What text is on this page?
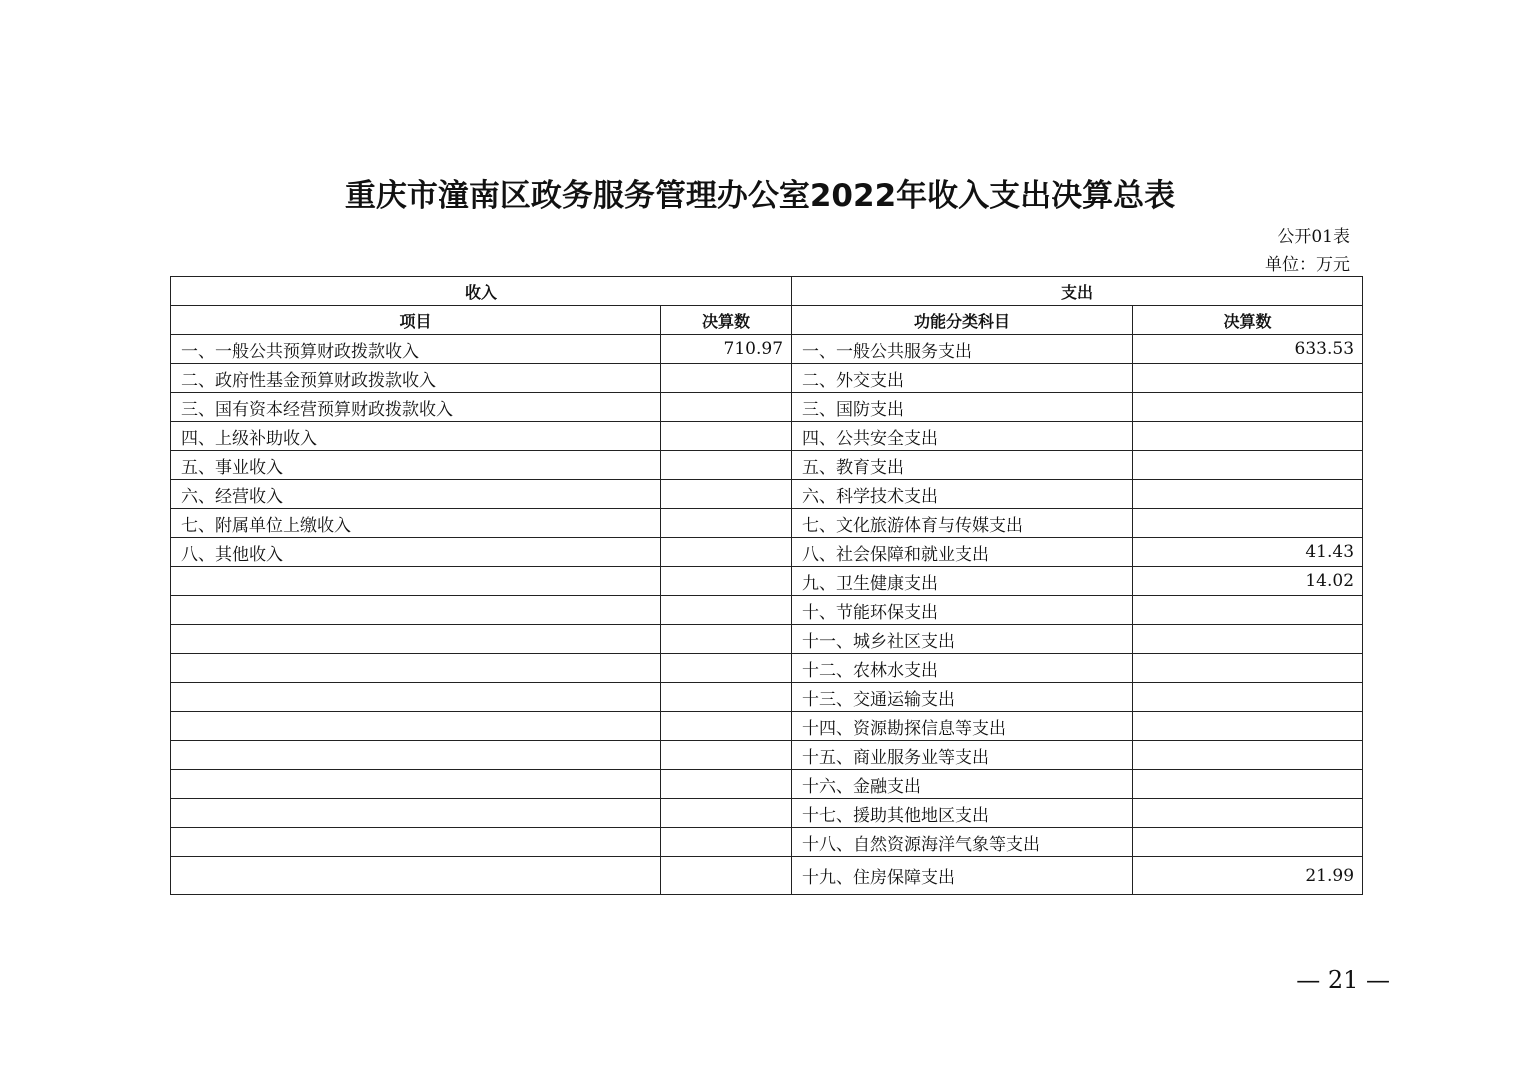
重庆市潼南区政务服务管理办公室2022年收入支出决算总表
公开01表
单位：万元
收入		支出	
项目	决算数	功能分类科目	决算数
一、一般公共预算财政拨款收入	710.97	一、一般公共服务支出	633.53
二、政府性基金预算财政拨款收入		二、外交支出	
三、国有资本经营预算财政拨款收入		三、国防支出	
四、上级补助收入		四、公共安全支出	
五、事业收入		五、教育支出	
六、经营收入		六、科学技术支出	
七、附属单位上缴收入		七、文化旅游体育与传媒支出	
八、其他收入		八、社会保障和就业支出	41.43
		九、卫生健康支出	14.02
		十、节能环保支出	
		十一、城乡社区支出	
		十二、农林水支出	
		十三、交通运输支出	
		十四、资源勘探信息等支出	
		十五、商业服务业等支出	
		十六、金融支出	
		十七、援助其他地区支出	
		十八、自然资源海洋气象等支出	
		十九、住房保障支出	21.99
— 21 —
